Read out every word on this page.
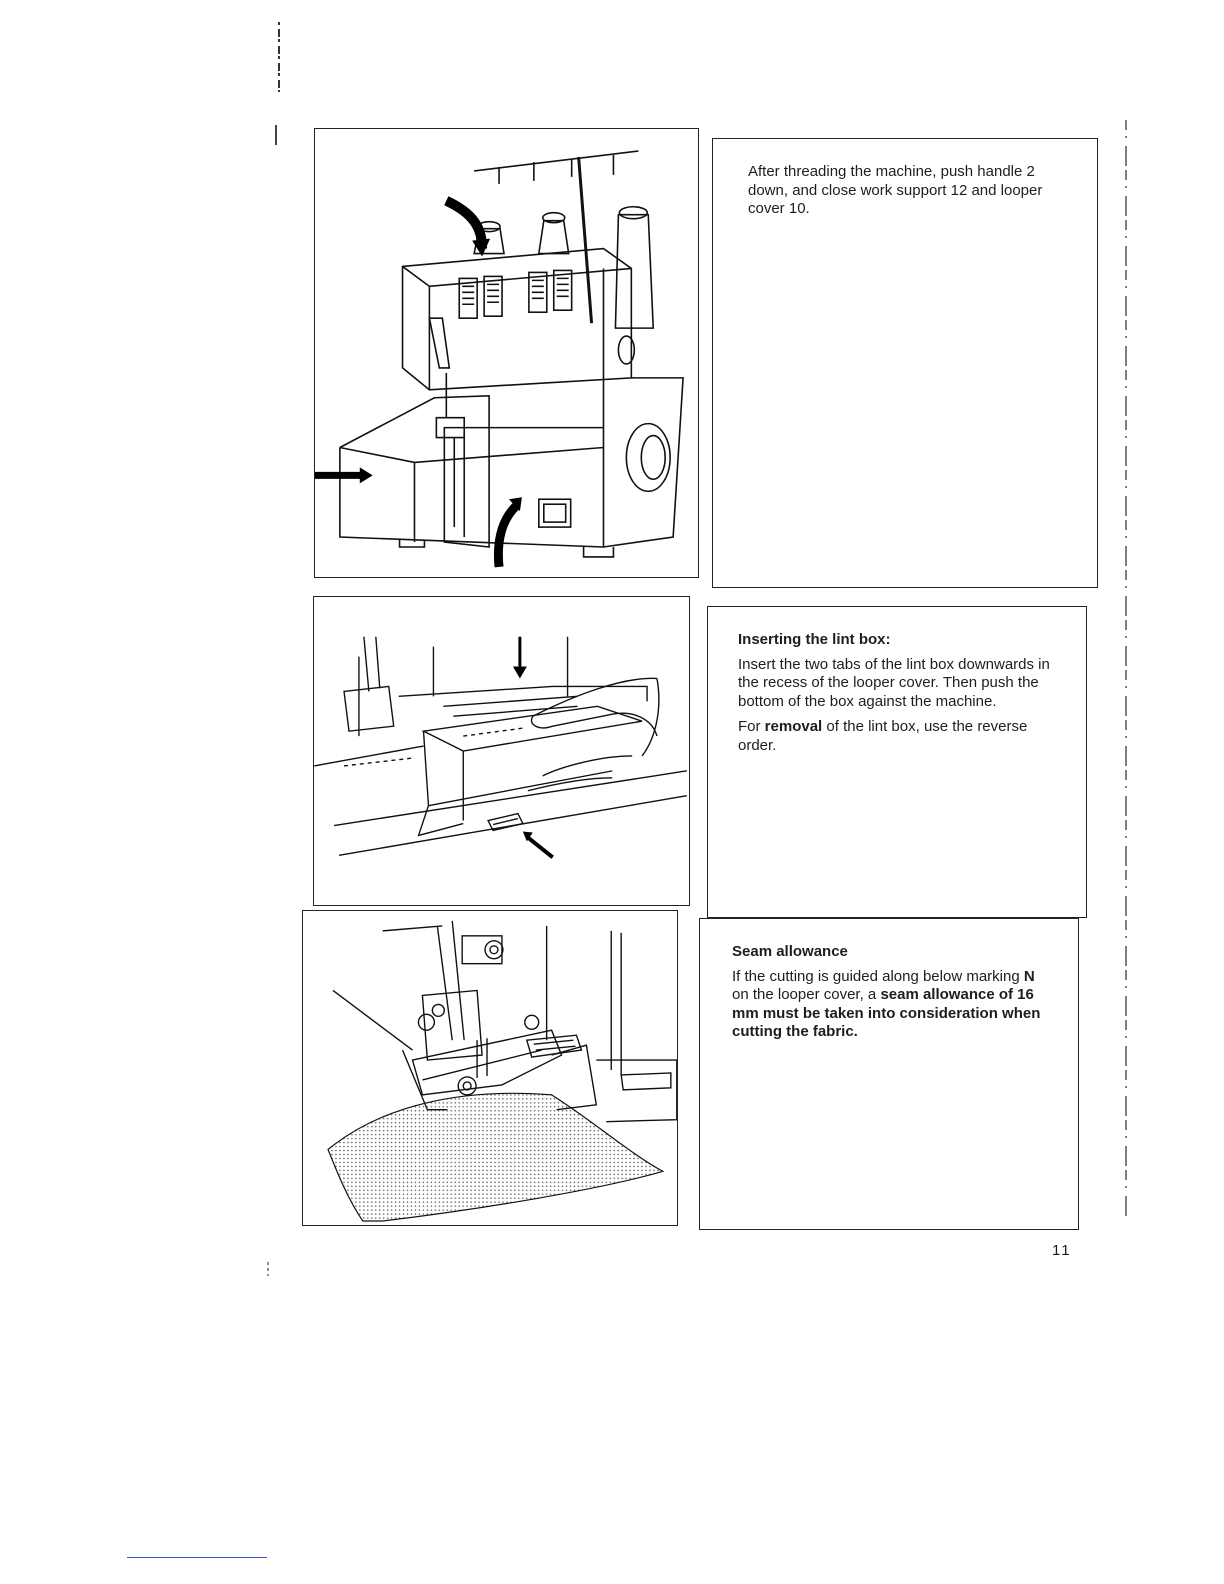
After threading the machine, push handle 2 down, and close work support 12 and looper cover 10.

Inserting the lint box:

Insert the two tabs of the lint box downwards in the recess of the looper cover. Then push the bottom of the box against the machine.

For removal of the lint box, use the reverse order.

Seam allowance

If the cutting is guided along below marking N on the looper cover, a seam allowance of 16 mm must be taken into consideration when cutting the fabric.

11
